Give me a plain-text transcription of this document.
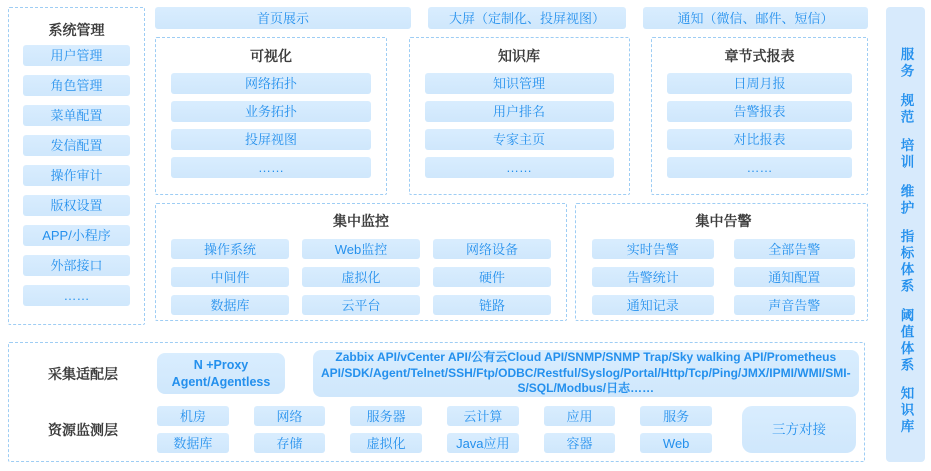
系统管理
用户管理
角色管理
菜单配置
发信配置
操作审计
版权设置
APP/小程序
外部接口
……
首页展示	大屏（定制化、投屏视图）	通知（微信、邮件、短信）
可视化
网络拓扑
业务拓扑
投屏视图
……
知识库
知识管理
用户排名
专家主页
……
章节式报表
日周月报
告警报表
对比报表
……
集中监控
操作系统	Web监控	网络设备
中间件	虚拟化	硬件
数据库	云平台	链路
集中告警
实时告警	全部告警
告警统计	通知配置
通知记录	声音告警
服务
规范
培训
维护
指标体系
阈值体系
知识库
采集适配层
N +Proxy Agent/Agentless
Zabbix API/vCenter API/公有云Cloud API/SNMP/SNMP Trap/Sky walking API/Prometheus API/SDK/Agent/Telnet/SSH/Ftp/ODBC/Restful/Syslog/Portal/Http/Tcp/Ping/JMX/IPMI/WMI/SMI-S/SQL/Modbus/日志……
资源监测层
机房	网络	服务器	云计算	应用	服务
数据库	存储	虚拟化	Java应用	容器	Web
三方对接
